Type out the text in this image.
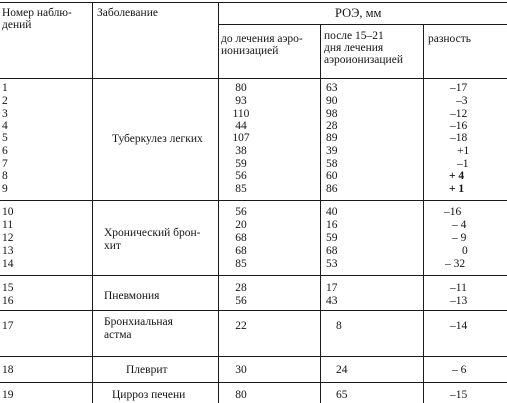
Номер наблю-
дений
Заболевание	РОЭ, мм
до лечения аэро-
ионизацией
после 15–21
дня лечения
аэроионизацией
разность
Туберкулез легких
1	80	63	–17
2	93	90	–3
3	110	98	–12
4	44	28	–16
5	107	89	–18
6	38	39	+1
7	59	58	–1
8	56	60	+ 4
9	85	86	+ 1
Хронический брон-
хит
10	56	40	–16
11	20	16	– 4
12	68	59	– 9
13	68	68	0
14	85	53	– 32
Пневмония
15	28	17	–11
16	56	43	–13
Бронхиальная
астма
17	22	8	–14
Плеврит
18	30	24	– 6
Цирроз печени
19	80	65	–15
